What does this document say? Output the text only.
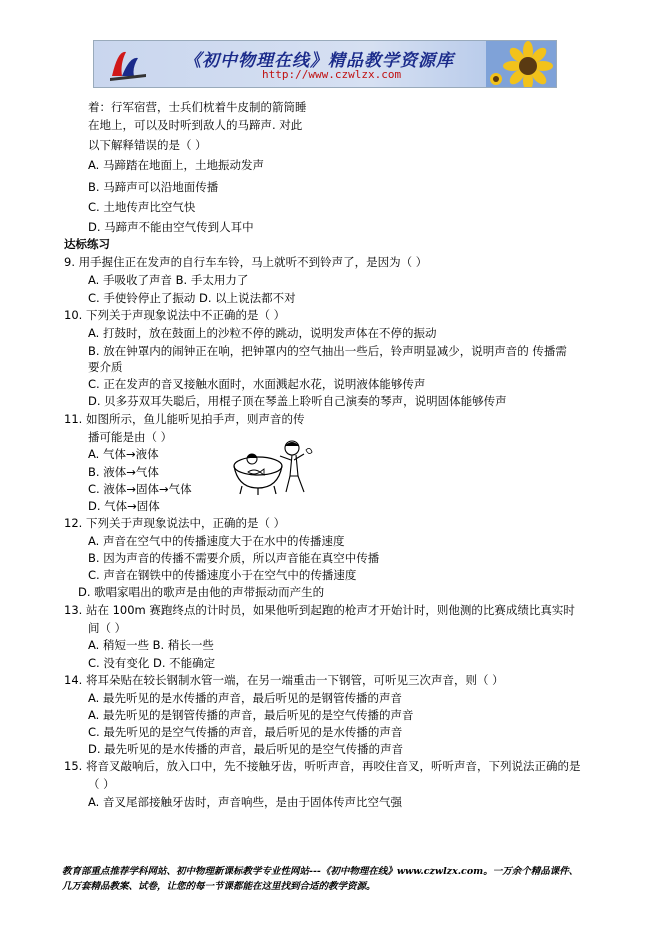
《初中物理在线》精品教学资源库
http://www.czwlzx.com
着：行军宿营，士兵们枕着牛皮制的箭筒睡
在地上，可以及时听到敌人的马蹄声. 对此
以下解释错误的是（ ）
A. 马蹄踏在地面上，土地振动发声
B. 马蹄声可以沿地面传播
C. 土地传声比空气快
D. 马蹄声不能由空气传到人耳中
达标练习
9. 用手握住正在发声的自行车车铃，马上就听不到铃声了，是因为（ ）
A. 手吸收了声音 B. 手太用力了
C. 手使铃停止了振动 D. 以上说法都不对
10. 下列关于声现象说法中不正确的是（ ）
A. 打鼓时，放在鼓面上的沙粒不停的跳动，说明发声体在不停的振动
B. 放在钟罩内的闹钟正在响，把钟罩内的空气抽出一些后，铃声明显减少，说明声音的 传播需
要介质
C. 正在发声的音叉接触水面时，水面溅起水花，说明液体能够传声
D. 贝多芬双耳失聪后，用棍子顶在琴盖上聆听自己演奏的琴声，说明固体能够传声
11. 如图所示，鱼儿能听见拍手声，则声音的传
播可能是由（ ）
A. 气体→液体
B. 液体→气体
C. 液体→固体→气体
D. 气体→固体
12. 下列关于声现象说法中，正确的是（ ）
A. 声音在空气中的传播速度大于在水中的传播速度
B. 因为声音的传播不需要介质，所以声音能在真空中传播
C. 声音在钢铁中的传播速度小于在空气中的传播速度
D. 歌唱家唱出的歌声是由他的声带振动而产生的
13. 站在 100m 赛跑终点的计时员，如果他听到起跑的枪声才开始计时，则他测的比赛成绩比真实时
间（ ）
A. 稍短一些 B. 稍长一些
C. 没有变化 D. 不能确定
14. 将耳朵贴在较长钢制水管一端，在另一端重击一下钢管，可听见三次声音，则（ ）
A. 最先听见的是水传播的声音，最后听见的是钢管传播的声音
A. 最先听见的是钢管传播的声音，最后听见的是空气传播的声音
C. 最先听见的是空气传播的声音，最后听见的是水传播的声音
D. 最先听见的是水传播的声音，最后听见的是空气传播的声音
15. 将音叉敲响后，放入口中，先不接触牙齿，听听声音，再咬住音叉，听听声音，下列说法正确的是
（ ）
A. 音叉尾部接触牙齿时，声音响些，是由于固体传声比空气强
教育部重点推荐学科网站、初中物理新课标教学专业性网站---《初中物理在线》www.czwlzx.com。一万余个精品课件、
几万套精品教案、试卷，让您的每一节课都能在这里找到合适的教学资源。
